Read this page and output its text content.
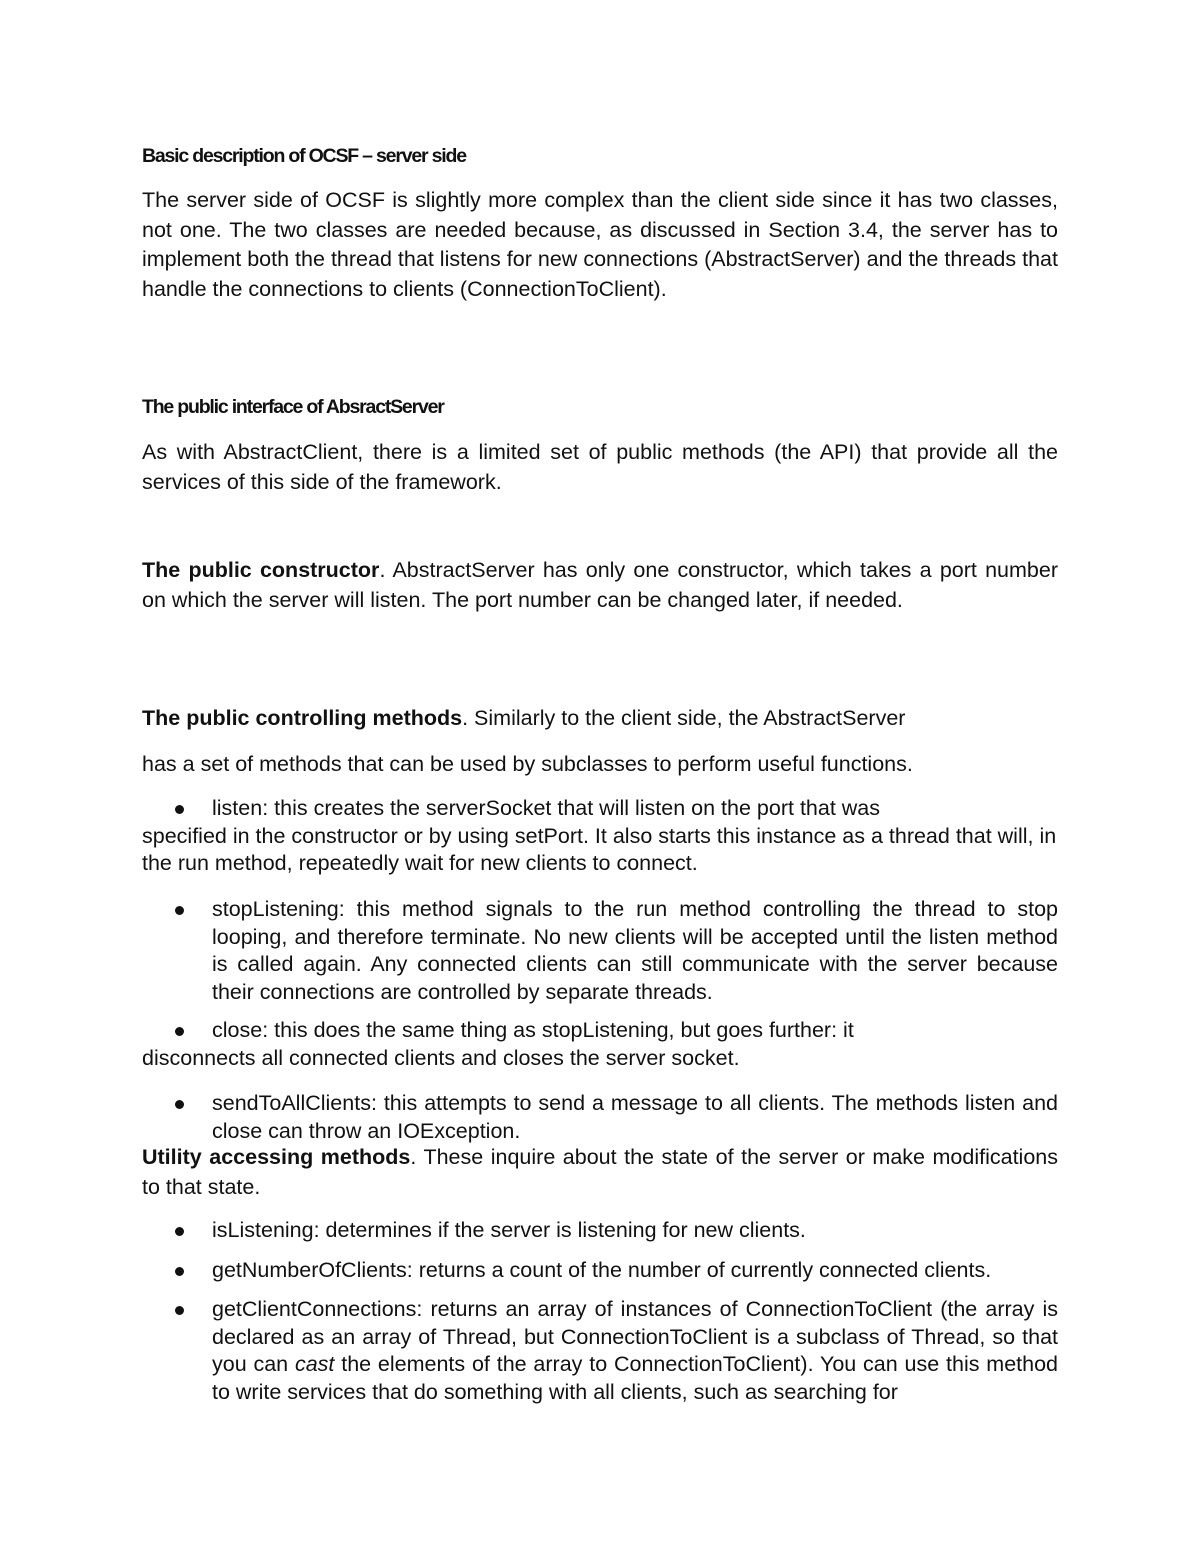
Basic description of OCSF – server side

The server side of OCSF is slightly more complex than the client side since it has two classes, not one. The two classes are needed because, as discussed in Section 3.4, the server has to implement both the thread that listens for new connections (AbstractServer) and the threads that handle the connections to clients (ConnectionToClient).

The public interface of AbsractServer

As with AbstractClient, there is a limited set of public methods (the API) that provide all the services of this side of the framework.

The public constructor. AbstractServer has only one constructor, which takes a port number on which the server will listen. The port number can be changed later, if needed.

The public controlling methods. Similarly to the client side, the AbstractServer

has a set of methods that can be used by subclasses to perform useful functions.

listen: this creates the serverSocket that will listen on the port that was

specified in the constructor or by using setPort. It also starts this instance as a thread that will, in the run method, repeatedly wait for new clients to connect.

stopListening: this method signals to the run method controlling the thread to stop looping, and therefore terminate. No new clients will be accepted until the listen method is called again. Any connected clients can still communicate with the server because their connections are controlled by separate threads.

close: this does the same thing as stopListening, but goes further: it

disconnects all connected clients and closes the server socket.

sendToAllClients: this attempts to send a message to all clients. The methods listen and close can throw an IOException.

Utility accessing methods. These inquire about the state of the server or make modifications to that state.

isListening: determines if the server is listening for new clients.

getNumberOfClients: returns a count of the number of currently connected clients.

getClientConnections: returns an array of instances of ConnectionToClient (the array is declared as an array of Thread, but ConnectionToClient is a subclass of Thread, so that you can cast the elements of the array to ConnectionToClient). You can use this method to write services that do something with all clients, such as searching for
